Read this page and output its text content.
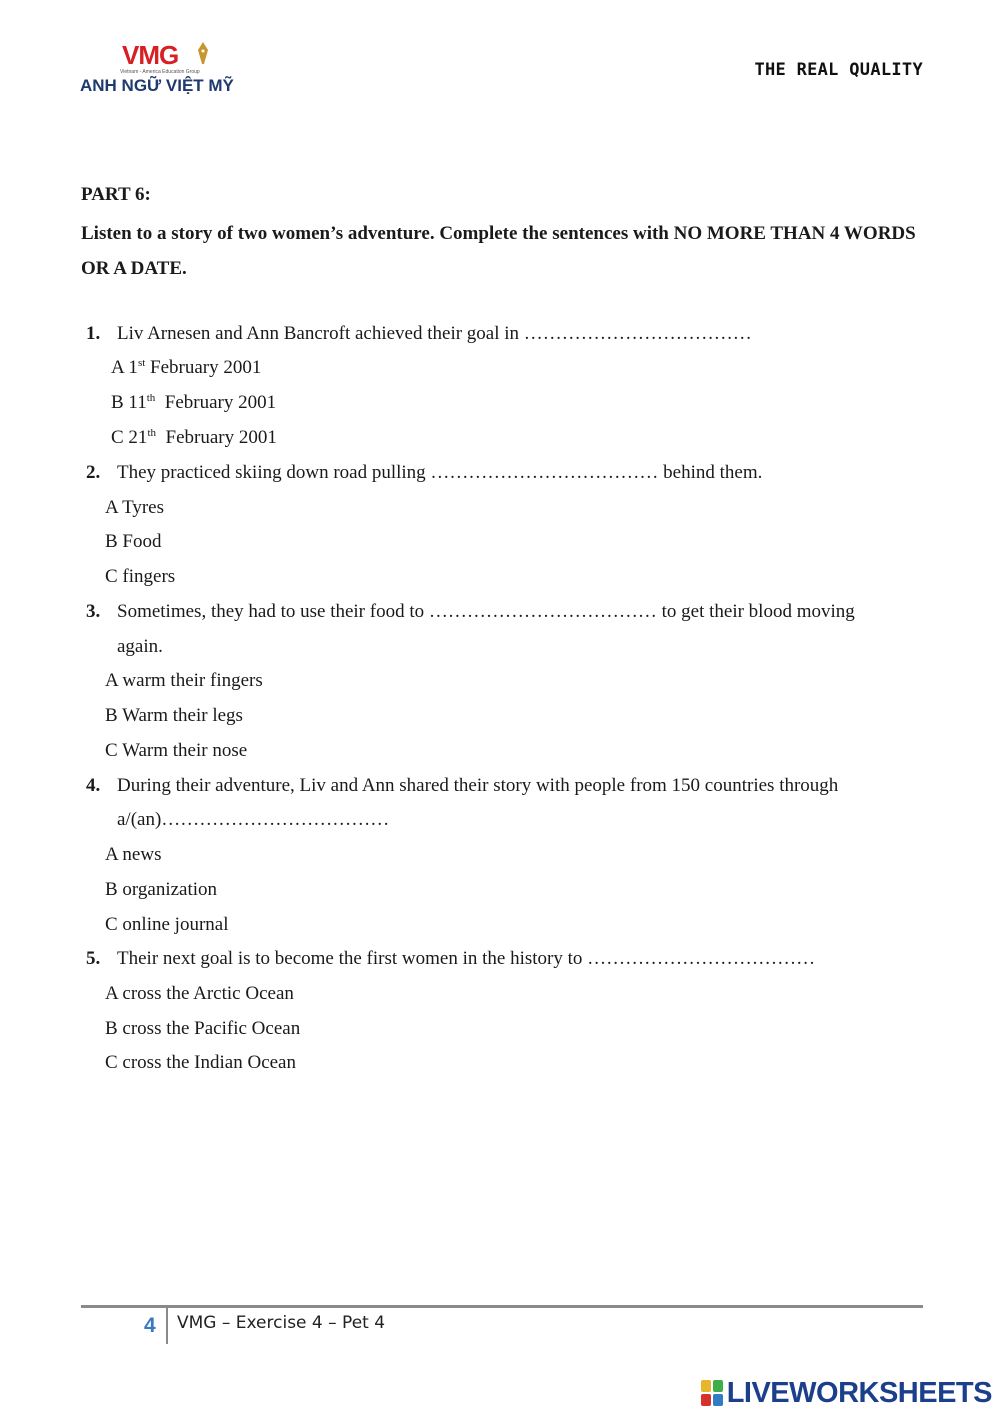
VMG
Vietnam - America Education Group
ANH NGỮ VIỆT MỸ
THE REAL QUALITY
PART 6:
Listen to a story of two women’s adventure. Complete the sentences with NO MORE THAN 4 WORDS OR A DATE.
1. Liv Arnesen and Ann Bancroft achieved their goal in ………………………………
A 1st February 2001
B 11th  February 2001
C 21th  February 2001
2. They practiced skiing down road pulling ……………………………… behind them.
A Tyres
B Food
C fingers
3. Sometimes, they had to use their food to ……………………………… to get their blood moving
again.
A warm their fingers
B Warm their legs
C Warm their nose
4. During their adventure, Liv and Ann shared their story with people from 150 countries through
a/(an)………………………………
A news
B organization
C online journal
5. Their next goal is to become the first women in the history to ………………………………
A cross the Arctic Ocean
B cross the Pacific Ocean
C cross the Indian Ocean
4 VMG – Exercise 4 – Pet 4
LIVEWORKSHEETS
